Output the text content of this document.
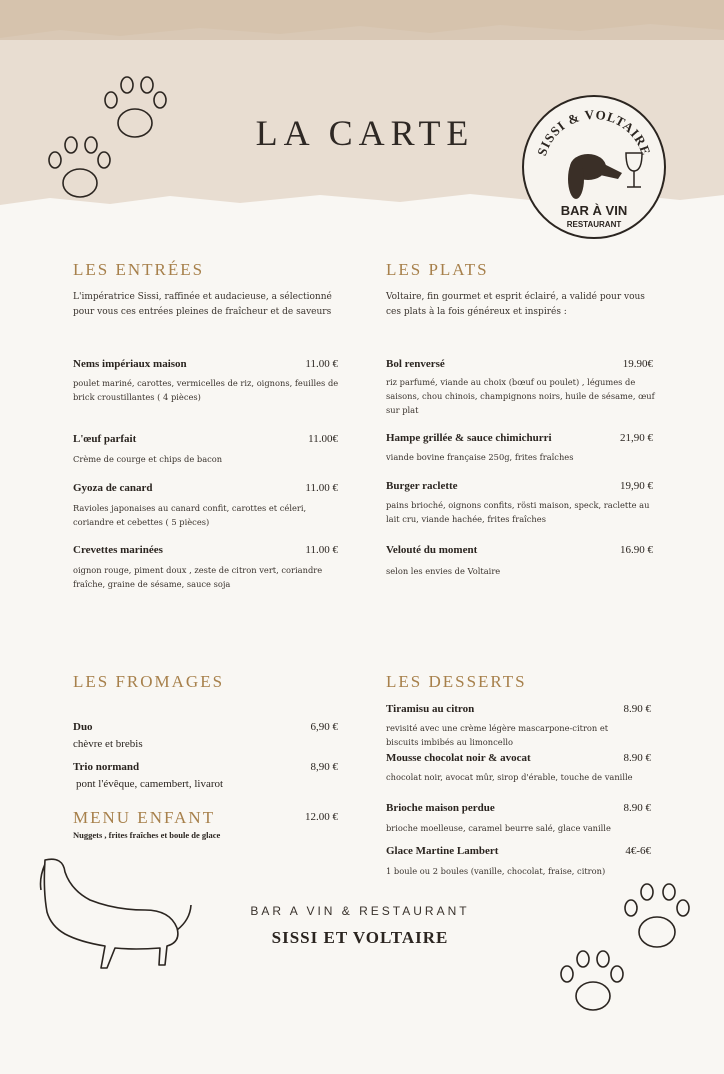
LA CARTE	SISSI & VOLTAIRE
BAR À VIN
RESTAURANT
LES ENTRÉES
L'impératrice Sissi, raffinée et audacieuse, a sélectionné pour vous ces entrées pleines de fraîcheur et de saveurs
Nems impériaux maison	11.00 €
poulet mariné, carottes, vermicelles de riz, oignons, feuilles de brick croustillantes ( 4 pièces)
L'œuf parfait	11.00€
Crème de courge et chips de bacon
Gyoza de canard	11.00 €
Ravioles japonaises au canard confit, carottes et céleri, coriandre et cebettes ( 5 pièces)
Crevettes marinées	11.00 €
oignon rouge, piment doux , zeste de citron vert, coriandre fraîche, graine de sésame, sauce soja
LES PLATS
Voltaire, fin gourmet et esprit éclairé, a validé pour vous ces plats à la fois généreux et inspirés :
Bol renversé	19.90€
riz parfumé, viande au choix (bœuf ou poulet) , légumes de saisons, chou chinois, champignons noirs, huile de sésame, œuf sur plat
Hampe grillée & sauce chimichurri	21,90 €
viande bovine française 250g, frites fraîches
Burger raclette	19,90 €
pains brioché, oignons confits, rösti maison, speck, raclette au lait cru, viande hachée, frites fraîches
Velouté du moment	16.90 €
selon les envies de Voltaire
LES FROMAGES
Duo	6,90 €
chèvre et brebis
Trio normand	8,90 €
pont l'évêque, camembert, livarot
MENU ENFANT	12.00 €
Nuggets , frites fraîches et boule de glace
LES DESSERTS
Tiramisu au citron	8.90 €
revisité avec une crème légère mascarpone-citron et biscuits imbibés au limoncello
Mousse chocolat noir & avocat	8.90 €
chocolat noir, avocat mûr, sirop d'érable, touche de vanille
Brioche maison perdue	8.90 €
brioche moelleuse, caramel beurre salé, glace vanille
Glace Martine Lambert	4€-6€
1 boule ou 2 boules (vanille, chocolat, fraise, citron)
BAR A VIN & RESTAURANT
SISSI ET VOLTAIRE
